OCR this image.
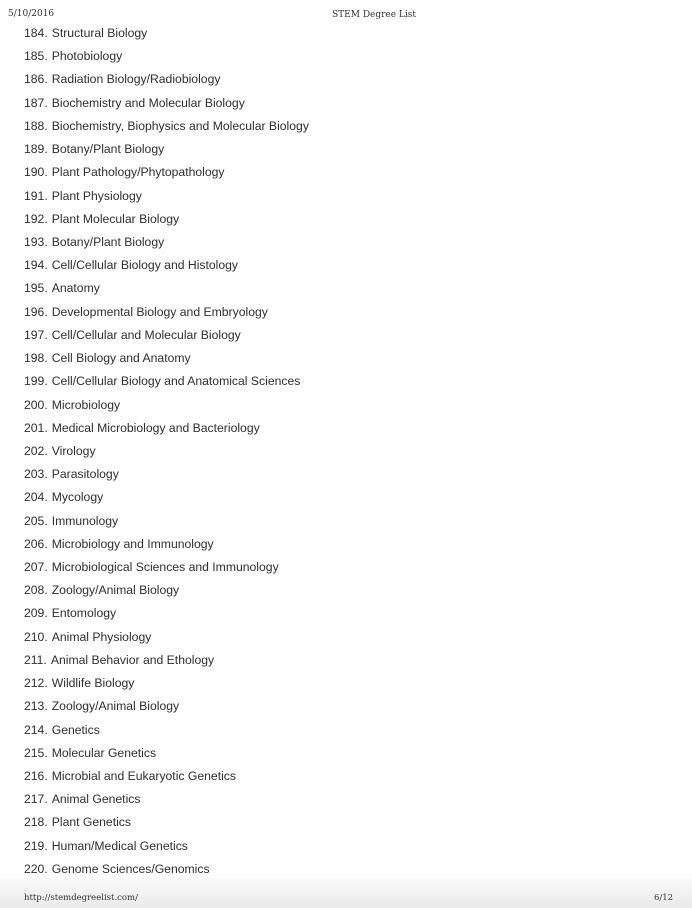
5/10/2016	STEM Degree List
184. Structural Biology
185. Photobiology
186. Radiation Biology/Radiobiology
187. Biochemistry and Molecular Biology
188. Biochemistry, Biophysics and Molecular Biology
189. Botany/Plant Biology
190. Plant Pathology/Phytopathology
191. Plant Physiology
192. Plant Molecular Biology
193. Botany/Plant Biology
194. Cell/Cellular Biology and Histology
195. Anatomy
196. Developmental Biology and Embryology
197. Cell/Cellular and Molecular Biology
198. Cell Biology and Anatomy
199. Cell/Cellular Biology and Anatomical Sciences
200. Microbiology
201. Medical Microbiology and Bacteriology
202. Virology
203. Parasitology
204. Mycology
205. Immunology
206. Microbiology and Immunology
207. Microbiological Sciences and Immunology
208. Zoology/Animal Biology
209. Entomology
210. Animal Physiology
211. Animal Behavior and Ethology
212. Wildlife Biology
213. Zoology/Animal Biology
214. Genetics
215. Molecular Genetics
216. Microbial and Eukaryotic Genetics
217. Animal Genetics
218. Plant Genetics
219. Human/Medical Genetics
220. Genome Sciences/Genomics
http://stemdegreelist.com/	6/12
